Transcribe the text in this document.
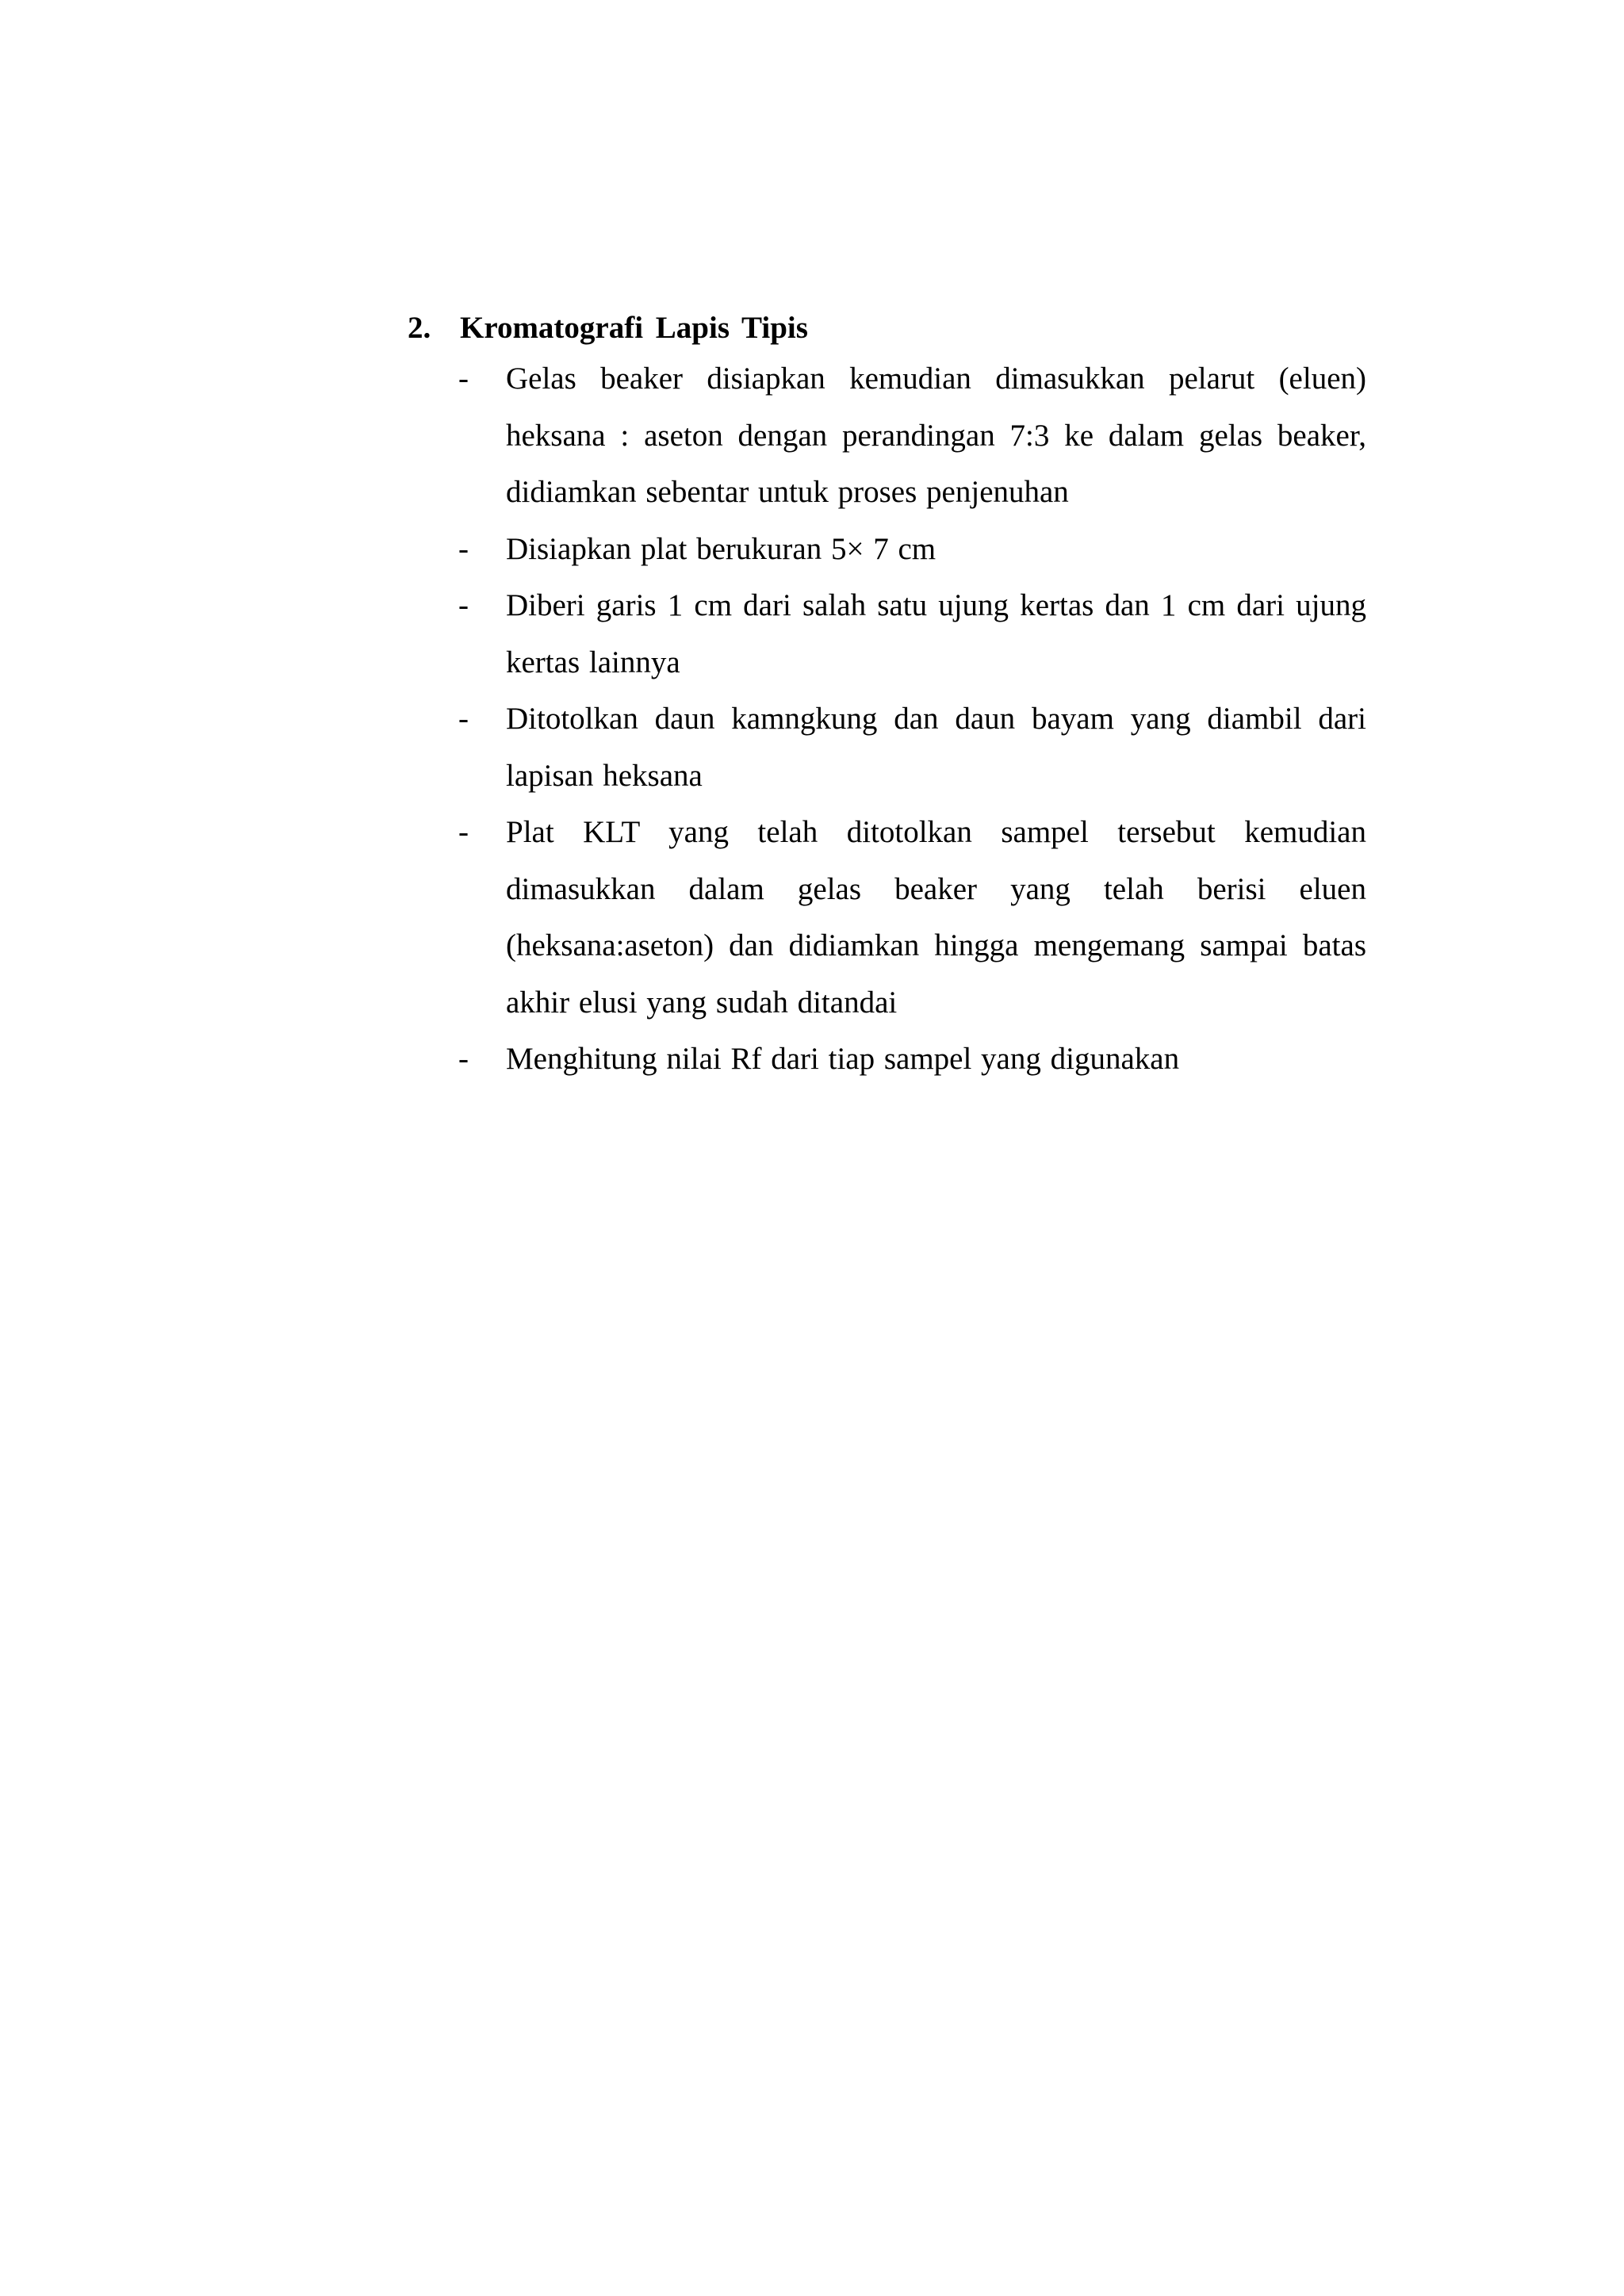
2. Kromatografi Lapis Tipis
-	Gelas beaker disiapkan kemudian dimasukkan pelarut (eluen) heksana : aseton dengan perandingan 7:3 ke dalam gelas beaker, didiamkan sebentar untuk proses penjenuhan
-	Disiapkan plat berukuran 5× 7 cm
-	Diberi garis 1 cm dari salah satu ujung kertas dan 1 cm dari ujung kertas lainnya
-	Ditotolkan daun kamngkung dan daun bayam yang diambil dari lapisan heksana
-	Plat KLT yang telah ditotolkan sampel tersebut kemudian dimasukkan dalam gelas beaker yang telah berisi eluen (heksana:aseton) dan didiamkan hingga mengemang sampai batas akhir elusi yang sudah ditandai
-	Menghitung nilai Rf dari tiap sampel yang digunakan
